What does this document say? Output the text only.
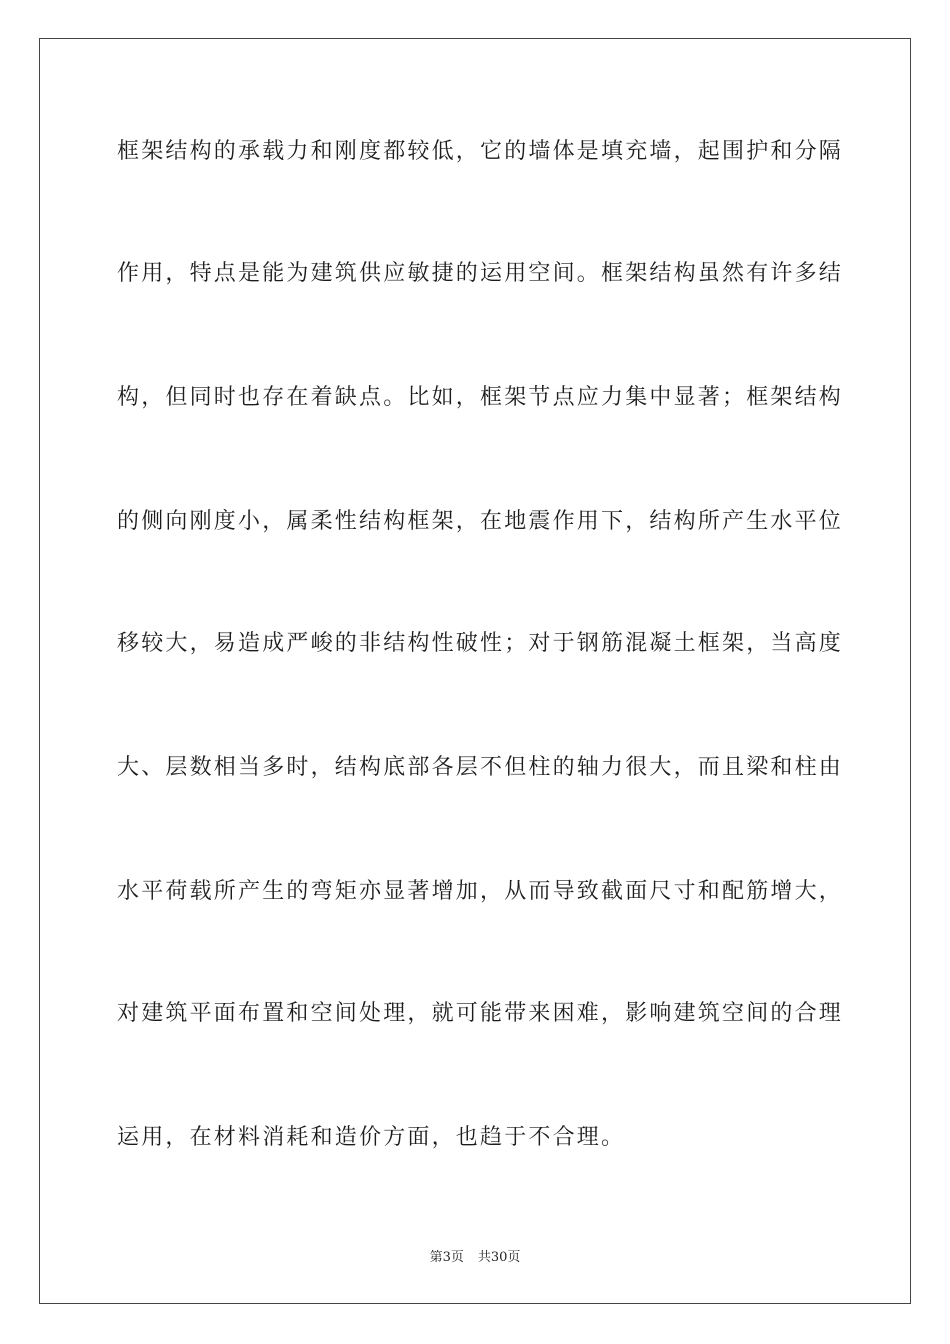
框架结构的承载力和刚度都较低，它的墙体是填充墙，起围护和分隔
作用，特点是能为建筑供应敏捷的运用空间。框架结构虽然有许多结
构，但同时也存在着缺点。比如，框架节点应力集中显著；框架结构
的侧向刚度小，属柔性结构框架，在地震作用下，结构所产生水平位
移较大，易造成严峻的非结构性破性；对于钢筋混凝土框架，当高度
大、层数相当多时，结构底部各层不但柱的轴力很大，而且梁和柱由
水平荷载所产生的弯矩亦显著增加，从而导致截面尺寸和配筋增大，
对建筑平面布置和空间处理，就可能带来困难，影响建筑空间的合理
运用，在材料消耗和造价方面，也趋于不合理。
第3页 共30页
